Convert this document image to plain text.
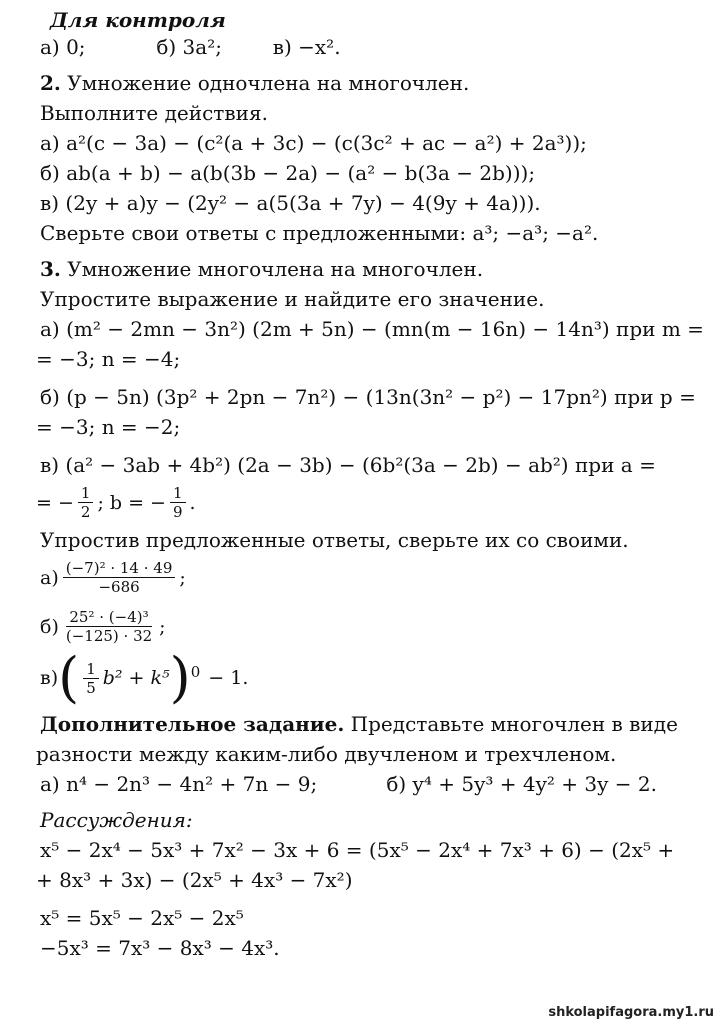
Для контроля
а) 0;	б) 3a²;	в) −x².
2. Умножение одночлена на многочлен.
Выполните действия.
а) a²(c − 3a) − (c²(a + 3c) − (c(3c² + ac − a²) + 2a³));
б) ab(a + b) − a(b(3b − 2a) − (a² − b(3a − 2b)));
в) (2y + a)y − (2y² − a(5(3a + 7y) − 4(9y + 4a))).
Сверьте свои ответы с предложенными: a³; −a³; −a².
3. Умножение многочлена на многочлен.
Упростите выражение и найдите его значение.
а) (m² − 2mn − 3n²) (2m + 5n) − (mn(m − 16n) − 14n³) при m =
= −3; n = −4;
б) (p − 5n) (3p² + 2pn − 7n²) − (13n(3n² − p²) − 17pn²) при p =
= −3; n = −2;
в) (a² − 3ab + 4b²) (2a − 3b) − (6b²(3a − 2b) − ab²) при a =
= − $\frac{1}{2}$ ; b = − $\frac{1}{9}$ .
Упростив предложенные ответы, сверьте их со своими.
$а) \frac{\text{(−7)² · 14 · 49}}{-686}$ ;
$б) \frac{\text{25² · (−4)³}}{(-125) \cdot 32}$ ;
в) ( $\frac{1}{5} b^2 + k^5$ ) 0 − 1.
Дополнительное задание. Представьте многочлен в виде
разности между каким-либо двучленом и трехчленом.
а) n⁴ − 2n³ − 4n² + 7n − 9;	б) y⁴ + 5y³ + 4y² + 3y − 2.
Рассуждения:
x⁵ − 2x⁴ − 5x³ + 7x² − 3x + 6 = (5x⁵ − 2x⁴ + 7x³ + 6) − (2x⁵ +
+ 8x³ + 3x) − (2x⁵ + 4x³ − 7x²)
x⁵ = 5x⁵ − 2x⁵ − 2x⁵
−5x³ = 7x³ − 8x³ − 4x³.
shkolapifagora.my1.ru
